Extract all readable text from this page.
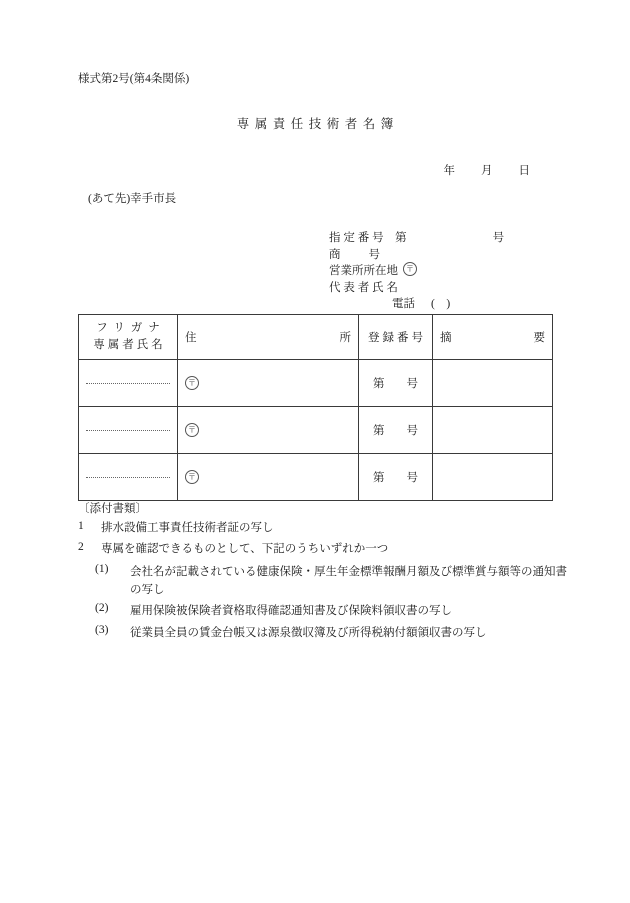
様式第2号(第4条関係)
専属責任技術者名簿

年 月 日

(あて先)幸手市長
指 定 番 号　第	号
商 号
営業所所在地〒
代 表 者 氏 名
電話 (　)
フリガナ
専属者氏名	住 所	登録番号	摘 要

	〒	第 号	

	〒	第 号	

	〒	第 号	
〔添付書類〕
1	排水設備工事責任技術者証の写し
2	専属を確認できるものとして、下記のうちいずれか一つ
(1)	会社名が記載されている健康保険・厚生年金標準報酬月額及び標準賞与額等の通知書の写し
(2)	雇用保険被保険者資格取得確認通知書及び保険料領収書の写し
(3)	従業員全員の賃金台帳又は源泉徴収簿及び所得税納付額領収書の写し
